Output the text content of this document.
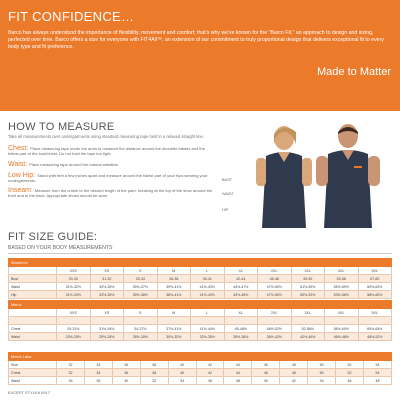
FIT CONFIDENCE…
Barco has always understood the importance of flexibility, movement and comfort; that's why we've known for the "Barco Fit," an approach to design and sizing, perfected over time. Barco offers a size for everyone with FIT4All™, an extension of our commitment to truly proportional design that delivers exceptional fit to every body type and fit preference.
Made to Matter
HOW TO MEASURE
Take all measurements over undergarments using standard measuring tape held in a relaxed straight line.
Chest: Place measuring tape under the arms to measure the distance around the shoulder blades and the fullest part of the bust/chest. Do not hold the tape too tight.
Waist: Place measuring tape around the natural waistline.
Low Hip: Stand with feet a few inches apart and measure around the fullest part of your hips wearing your undergarments.
Inseam: Measure from the crotch to the desired length of the pant, breaking at the top of the shoe around the front and to the back. Appropriate shoes should be worn.
BUST
WAIST
HIP
FIT SIZE GUIDE:
BASED ON YOUR BODY MEASUREMENTS
Women's										
	XXS	XS	S	M	L	XL	2XL	3XL	4XL	5XL
Bust	29-30	31-32	33-34	36-38	39-41	42-44	45-48	49-52	53-56	57-60
Waist	31½-32½	33½-35½	35½-37½	39½-41½	41½-43½	44½-47½	47½-50½	51½-55½	55½-59½	60½-63½
Hip	31½-33½	33½-35½	35½-38½	38½-41½	41½-43½	43½-46½	47½-50½	50½-53½	53½-56½	58½-60½
Men's										
	XXS	XS	S	M	L	XL	2XL	3XL	4XL	5XL

Chest	29-31½	31½-34½	34-37½	37½-41½	41½-44½	45-48½	48½-52½	52-56½	56½-60½	60½-64½
Waist	23½-25½	25½-28½	28½-30½	30½-32½	32½-35½	35½-38½	38½-42½	42½-46½	46½-48½	48½-52½
Men's Labs												
Size	32	34	36	38	40	42	44	46	48	50	52	54
Chest	32	34	36	38	40	42	44	46	48	50	52	54
Waist	26	28	30	32	34	36	38	40	42	44	46	48
EXCEPT STYLE# 0917
